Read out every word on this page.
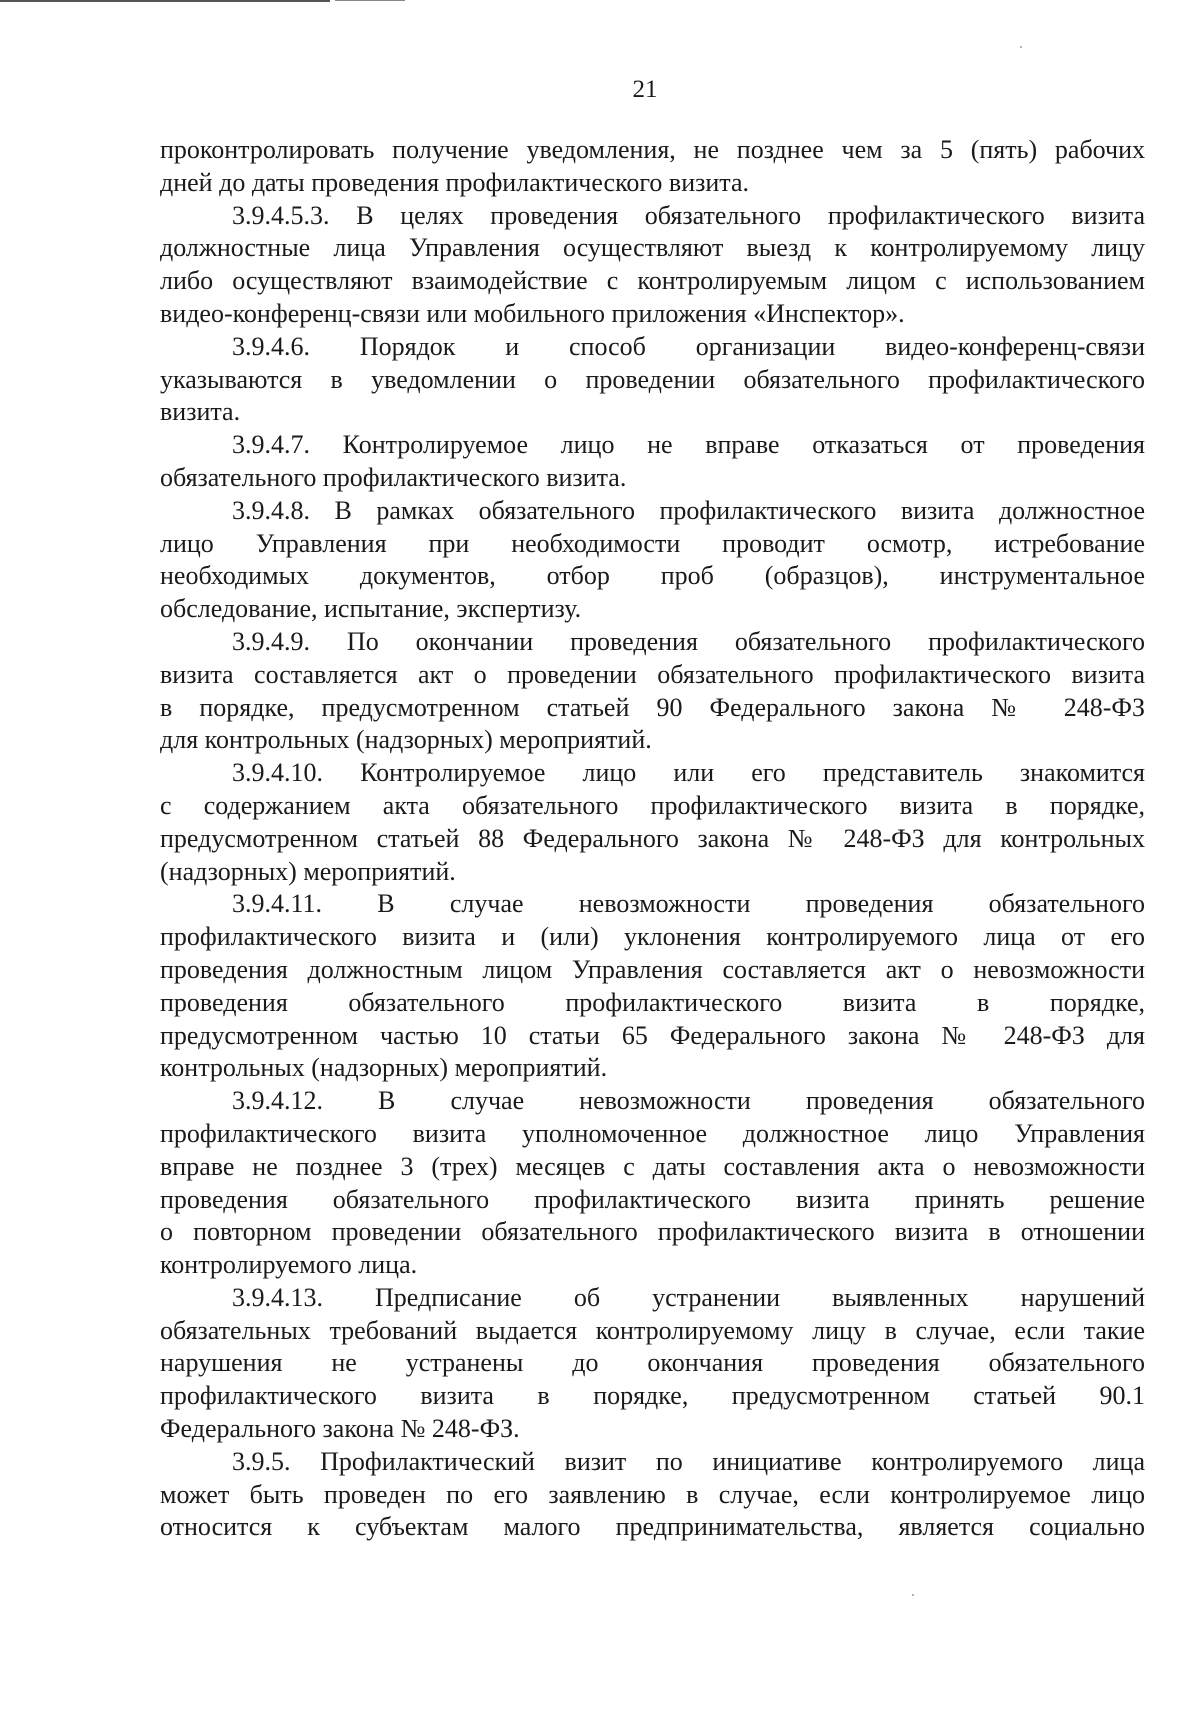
21
проконтролировать получение уведомления, не позднее чем за 5 (пять) рабочих
дней до даты проведения профилактического визита.
3.9.4.5.3. В целях проведения обязательного профилактического визита
должностные лица Управления осуществляют выезд к контролируемому лицу
либо осуществляют взаимодействие с контролируемым лицом с использованием
видео-конференц-связи или мобильного приложения «Инспектор».
3.9.4.6. Порядок и способ организации видео-конференц-связи
указываются в уведомлении о проведении обязательного профилактического
визита.
3.9.4.7. Контролируемое лицо не вправе отказаться от проведения
обязательного профилактического визита.
3.9.4.8. В рамках обязательного профилактического визита должностное
лицо Управления при необходимости проводит осмотр, истребование
необходимых документов, отбор проб (образцов), инструментальное
обследование, испытание, экспертизу.
3.9.4.9. По окончании проведения обязательного профилактического
визита составляется акт о проведении обязательного профилактического визита
в порядке, предусмотренном статьей 90 Федерального закона № 248-ФЗ
для контрольных (надзорных) мероприятий.
3.9.4.10. Контролируемое лицо или его представитель знакомится
с содержанием акта обязательного профилактического визита в порядке,
предусмотренном статьей 88 Федерального закона № 248-ФЗ для контрольных
(надзорных) мероприятий.
3.9.4.11. В случае невозможности проведения обязательного
профилактического визита и (или) уклонения контролируемого лица от его
проведения должностным лицом Управления составляется акт о невозможности
проведения обязательного профилактического визита в порядке,
предусмотренном частью 10 статьи 65 Федерального закона № 248-ФЗ для
контрольных (надзорных) мероприятий.
3.9.4.12. В случае невозможности проведения обязательного
профилактического визита уполномоченное должностное лицо Управления
вправе не позднее 3 (трех) месяцев с даты составления акта о невозможности
проведения обязательного профилактического визита принять решение
о повторном проведении обязательного профилактического визита в отношении
контролируемого лица.
3.9.4.13. Предписание об устранении выявленных нарушений
обязательных требований выдается контролируемому лицу в случае, если такие
нарушения не устранены до окончания проведения обязательного
профилактического визита в порядке, предусмотренном статьей 90.1
Федерального закона № 248-ФЗ.
3.9.5. Профилактический визит по инициативе контролируемого лица
может быть проведен по его заявлению в случае, если контролируемое лицо
относится к субъектам малого предпринимательства, является социально
